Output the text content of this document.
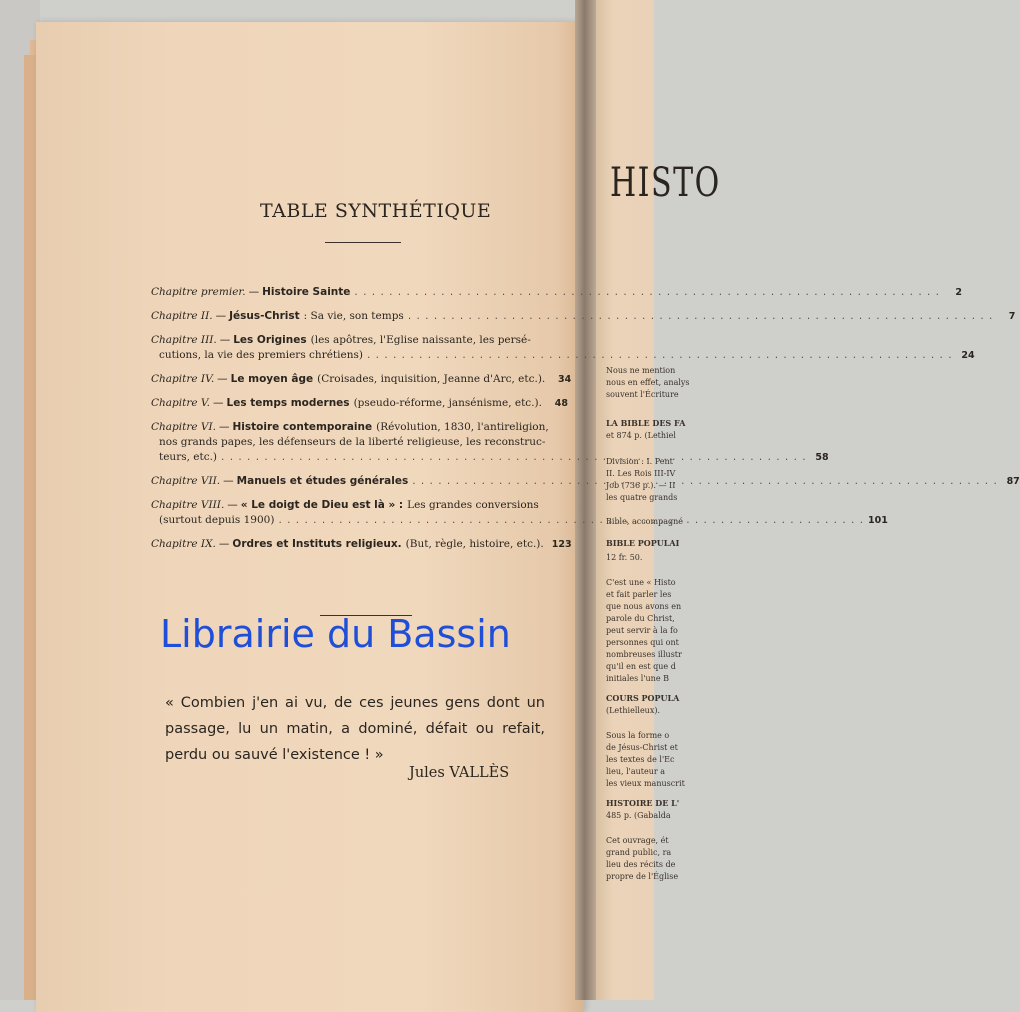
HISTO
Nous ne mention
nous en effet, analys
souvent l'Écriture
LA BIBLE DES FA
et 874 p. (Lethiel
Division : I. Pent
II. Les Rois III-IV
Job (736 p.). — II
les quatre grands
Bible, accompagné
BIBLE POPULAI
12 fr. 50.
C'est une « Histo
et fait parler les
que nous avons en
parole du Christ,
peut servir à la fo
personnes qui ont
nombreuses illustr
qu'il en est que d
initiales l'une B
COURS POPULA
(Lethielleux).
Sous la forme o
de Jésus-Christ et
les textes de l'Ec
lieu, l'auteur a
les vieux manuscrit
HISTOIRE DE L'
485 p. (Gabalda
Cet ouvrage, ét
grand public, ra
lieu des récits de
propre de l'Église
TABLE SYNTHÉTIQUE
Chapitre premier. — Histoire Sainte . . .	2
Chapitre II. — Jésus-Christ : Sa vie, son temps . . .	7
Chapitre III. — Les Origines (les apôtres, l'Eglise naissante, les persé-
cutions, la vie des premiers chrétiens) . . .	24
Chapitre IV. — Le moyen âge (Croisades, inquisition, Jeanne d'Arc, etc.).	34
Chapitre V. — Les temps modernes (pseudo-réforme, jansénisme, etc.).	48
Chapitre VI. — Histoire contemporaine (Révolution, 1830, l'antireligion,
nos grands papes, les défenseurs de la liberté religieuse, les reconstruc-
teurs, etc.) . . .	58
Chapitre VII. — Manuels et études générales . . .	87
Chapitre VIII. — « Le doigt de Dieu est là » : Les grandes conversions
(surtout depuis 1900) . . .	101
Chapitre IX. — Ordres et Instituts religieux. (But, règle, histoire, etc.). 123
Librairie du Bassin
« Combien j'en ai vu, de ces jeunes gens dont un passage, lu un matin, a dominé, défait ou refait, perdu ou sauvé l'existence ! »
Jules VALLÈS
